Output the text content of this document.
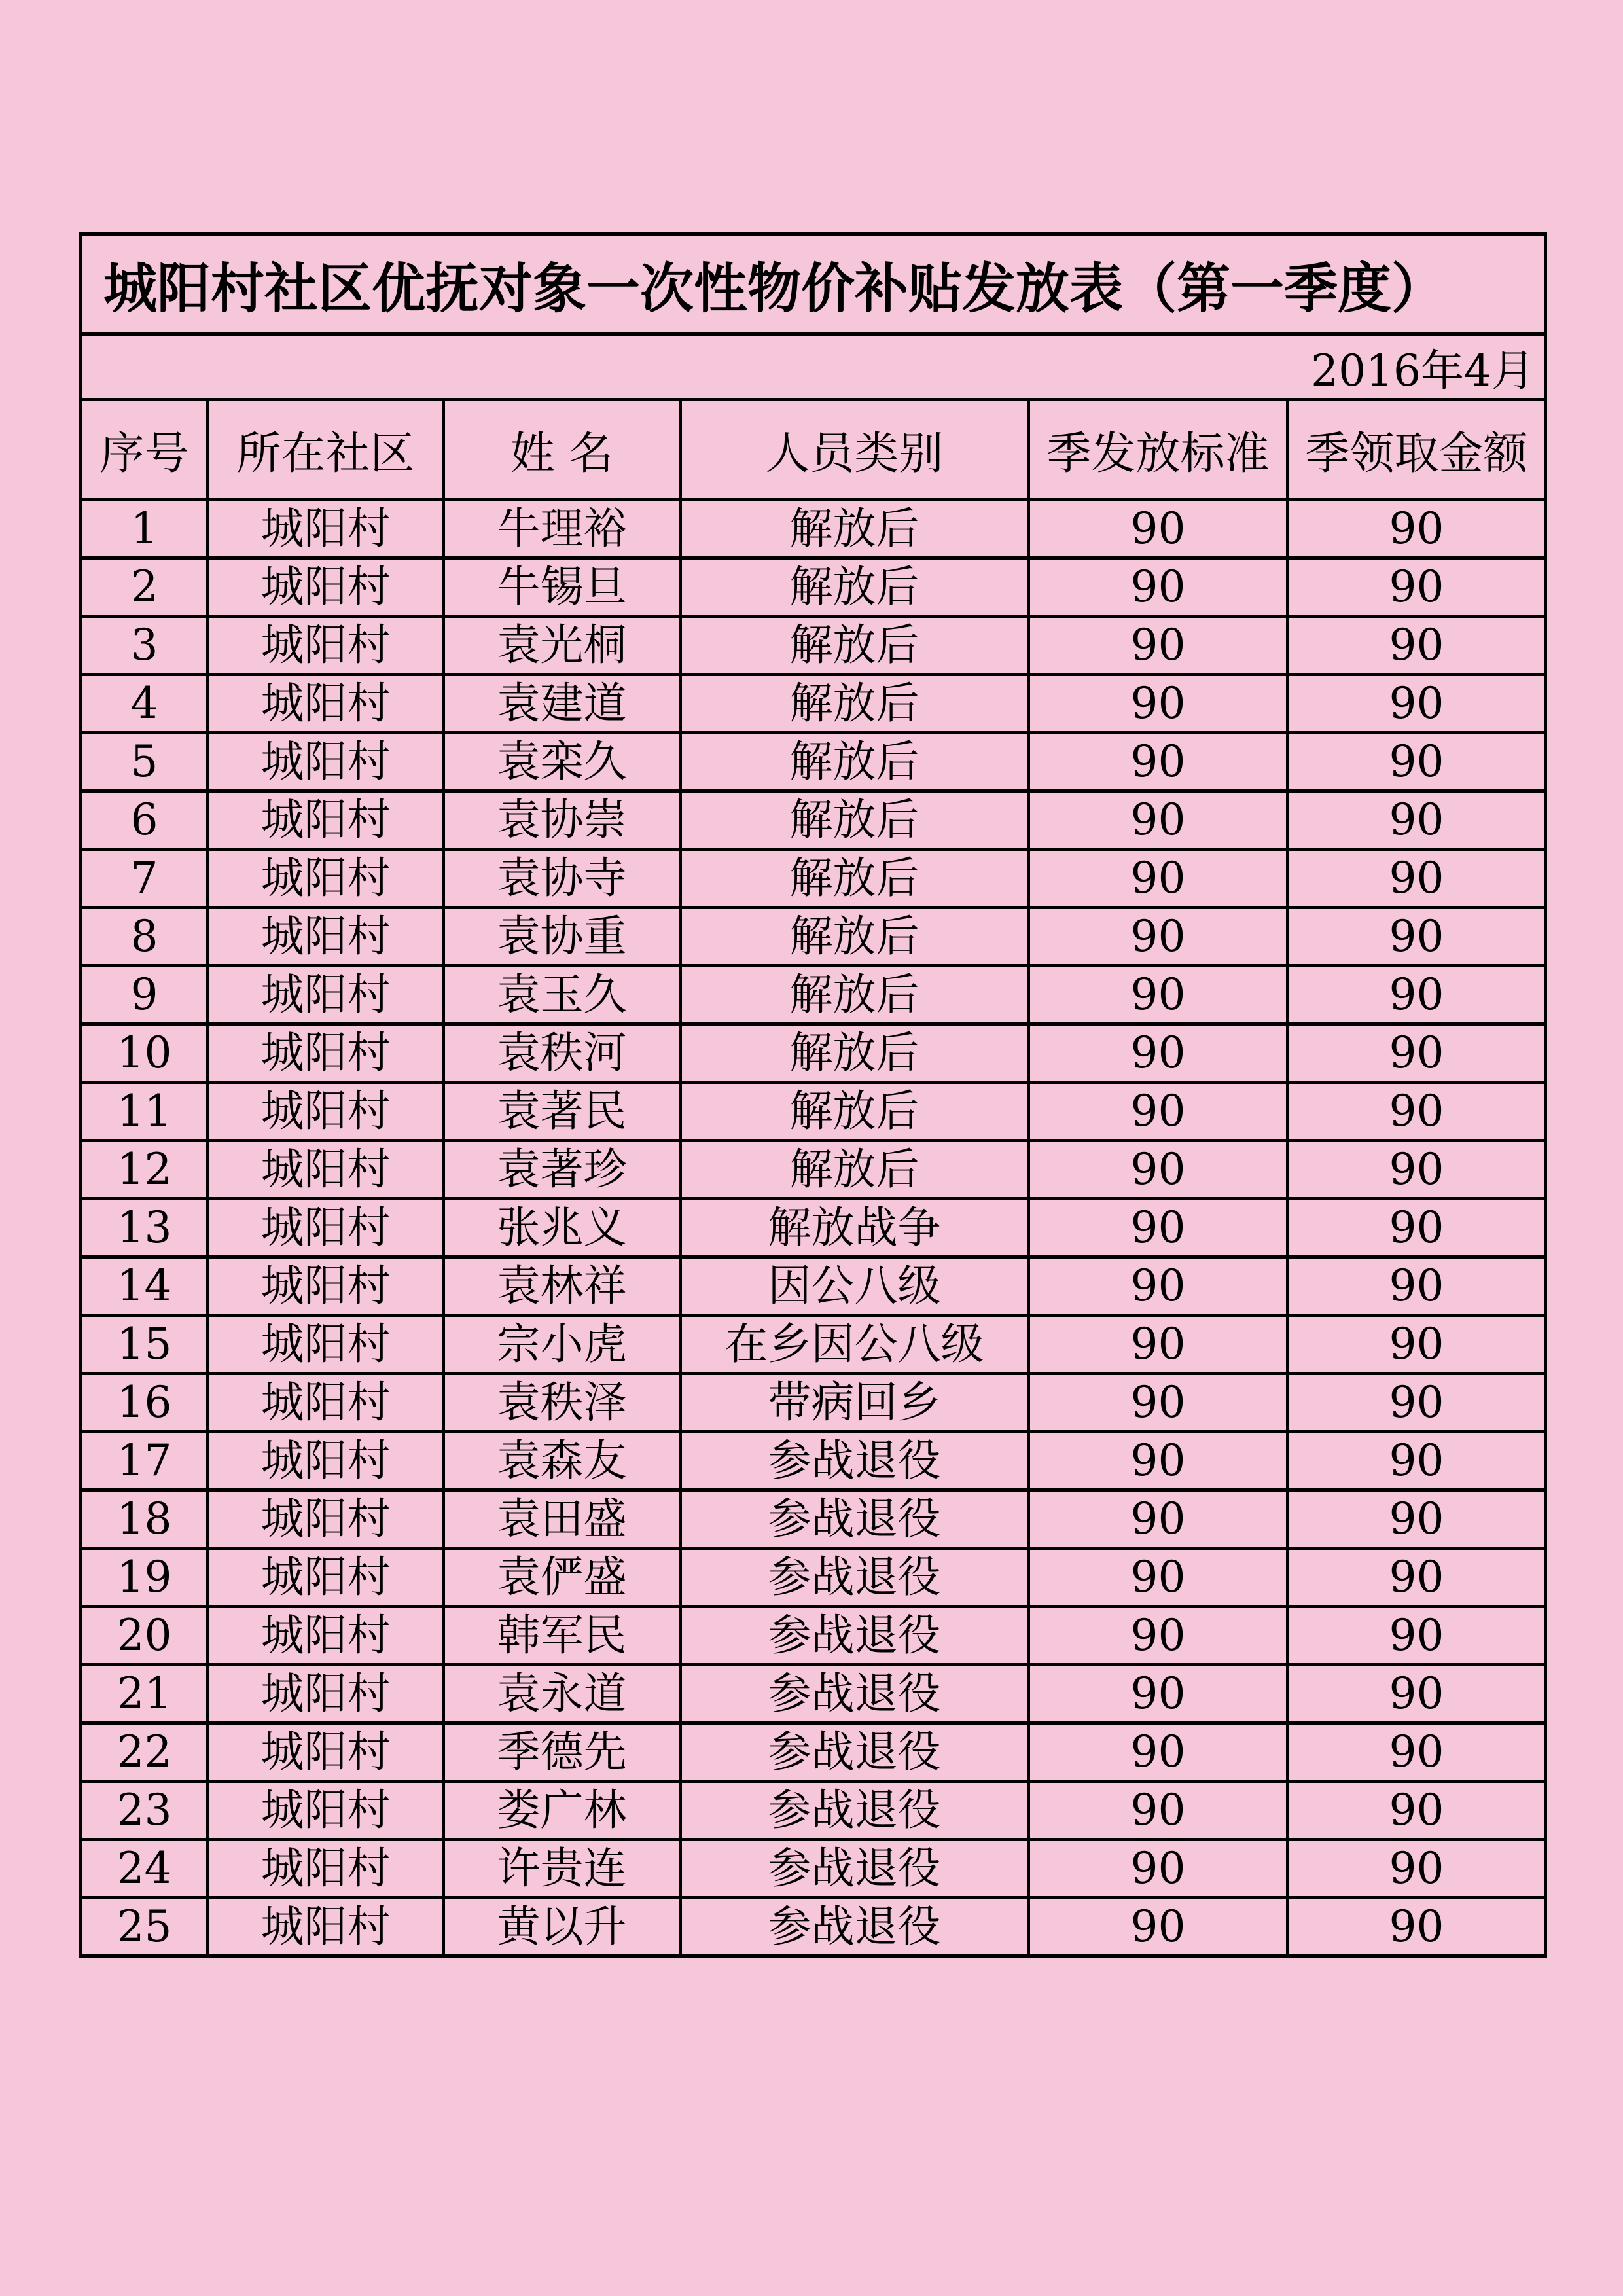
城阳村社区优抚对象一次性物价补贴发放表（第一季度）					
2016年4月					
序号	所在社区	姓 名	人员类别	季发放标准	季领取金额
1	城阳村	牛理裕	解放后	90	90
2	城阳村	牛锡旦	解放后	90	90
3	城阳村	袁光桐	解放后	90	90
4	城阳村	袁建道	解放后	90	90
5	城阳村	袁栾久	解放后	90	90
6	城阳村	袁协崇	解放后	90	90
7	城阳村	袁协寺	解放后	90	90
8	城阳村	袁协重	解放后	90	90
9	城阳村	袁玉久	解放后	90	90
10	城阳村	袁秩河	解放后	90	90
11	城阳村	袁著民	解放后	90	90
12	城阳村	袁著珍	解放后	90	90
13	城阳村	张兆义	解放战争	90	90
14	城阳村	袁林祥	因公八级	90	90
15	城阳村	宗小虎	在乡因公八级	90	90
16	城阳村	袁秩泽	带病回乡	90	90
17	城阳村	袁森友	参战退役	90	90
18	城阳村	袁田盛	参战退役	90	90
19	城阳村	袁俨盛	参战退役	90	90
20	城阳村	韩军民	参战退役	90	90
21	城阳村	袁永道	参战退役	90	90
22	城阳村	季德先	参战退役	90	90
23	城阳村	娄广林	参战退役	90	90
24	城阳村	许贵连	参战退役	90	90
25	城阳村	黄以升	参战退役	90	90
